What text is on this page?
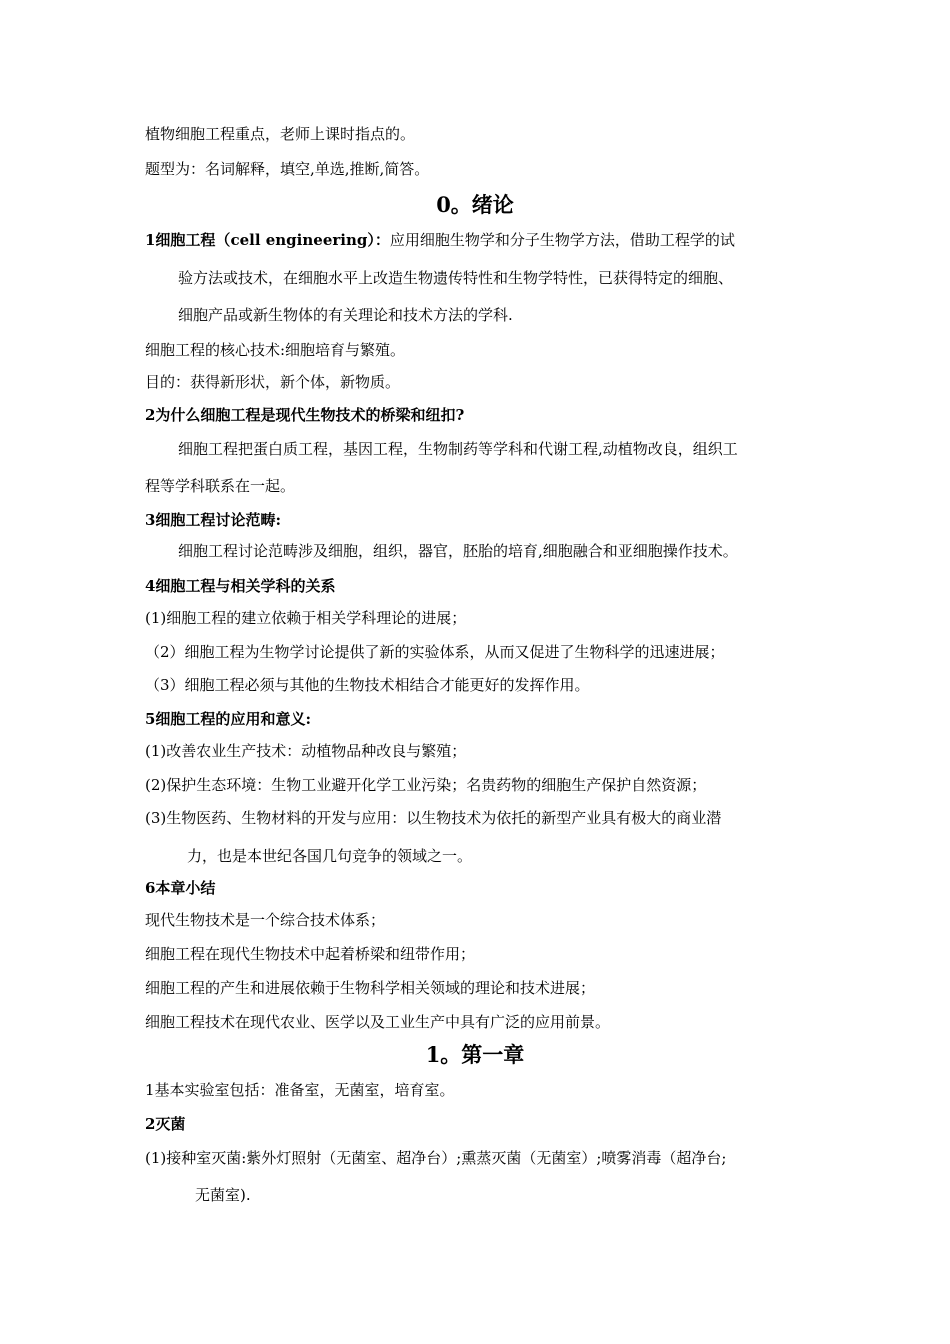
植物细胞工程重点，老师上课时指点的。
题型为：名词解释，填空,单选,推断,简答。
0。绪论
1细胞工程（cell engineering）：应用细胞生物学和分子生物学方法，借助工程学的试
验方法或技术，在细胞水平上改造生物遗传特性和生物学特性，已获得特定的细胞、
细胞产品或新生物体的有关理论和技术方法的学科.
细胞工程的核心技术:细胞培育与繁殖。
目的：获得新形状，新个体，新物质。
2为什么细胞工程是现代生物技术的桥梁和纽扣?
细胞工程把蛋白质工程，基因工程，生物制药等学科和代谢工程,动植物改良，组织工
程等学科联系在一起。
3细胞工程讨论范畴:
细胞工程讨论范畴涉及细胞，组织，器官，胚胎的培育,细胞融合和亚细胞操作技术。
4细胞工程与相关学科的关系
(1)细胞工程的建立依赖于相关学科理论的进展；
（2）细胞工程为生物学讨论提供了新的实验体系，从而又促进了生物科学的迅速进展；
（3）细胞工程必须与其他的生物技术相结合才能更好的发挥作用。
5细胞工程的应用和意义:
(1)改善农业生产技术：动植物品种改良与繁殖；
(2)保护生态环境：生物工业避开化学工业污染；名贵药物的细胞生产保护自然资源；
(3)生物医药、生物材料的开发与应用：以生物技术为依托的新型产业具有极大的商业潜
力，也是本世纪各国几句竞争的领域之一。
6本章小结
现代生物技术是一个综合技术体系；
细胞工程在现代生物技术中起着桥梁和纽带作用；
细胞工程的产生和进展依赖于生物科学相关领域的理论和技术进展；
细胞工程技术在现代农业、医学以及工业生产中具有广泛的应用前景。
1。第一章
1基本实验室包括：准备室，无菌室，培育室。
2灭菌
(1)接种室灭菌:紫外灯照射（无菌室、超净台）;熏蒸灭菌（无菌室）;喷雾消毒（超净台;
无菌室).
